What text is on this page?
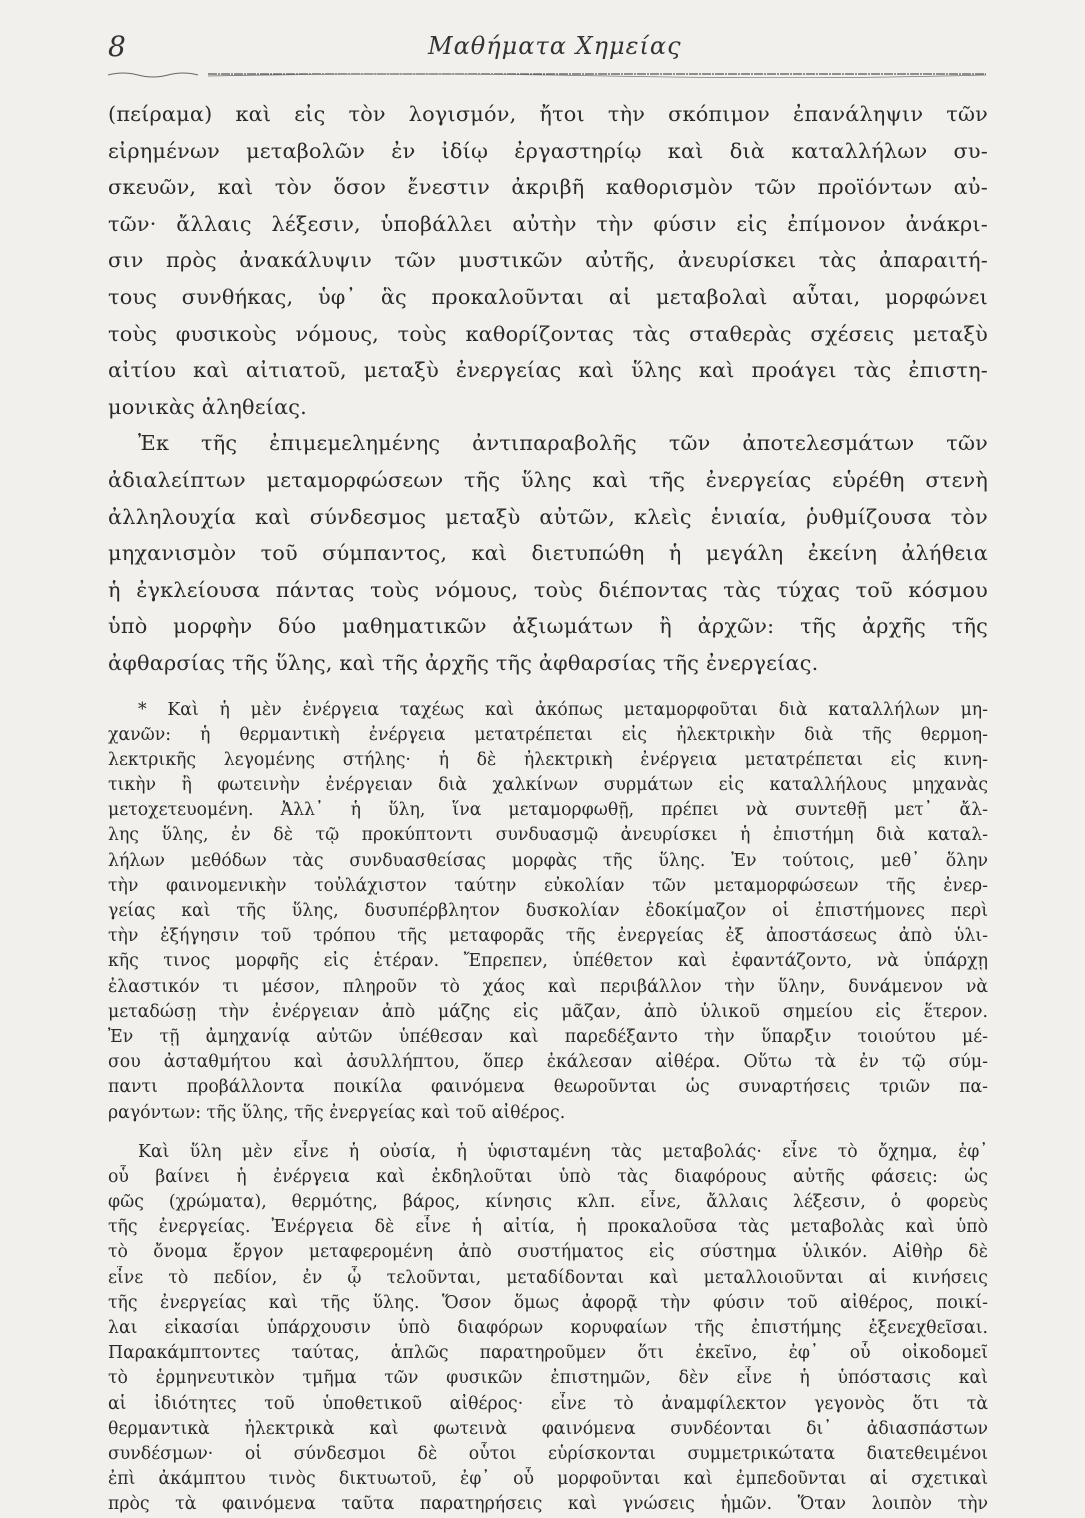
8	Μαθήματα Χημείας
(πείραμα) καὶ εἰς τὸν λογισμόν, ἤτοι τὴν σκόπιμον ἐπανάληψιν τῶν
εἰρημένων μεταβολῶν ἐν ἰδίῳ ἐργαστηρίῳ καὶ διὰ καταλλήλων συ-
σκευῶν, καὶ τὸν ὅσον ἔνεστιν ἀκριβῆ καθορισμὸν τῶν προϊόντων αὐ-
τῶν· ἄλλαις λέξεσιν, ὑποβάλλει αὐτὴν τὴν φύσιν εἰς ἐπίμονον ἀνάκρι-
σιν πρὸς ἀνακάλυψιν τῶν μυστικῶν αὐτῆς, ἀνευρίσκει τὰς ἀπαραιτή-
τους συνθήκας, ὑφ᾽ ἃς προκαλοῦνται αἱ μεταβολαὶ αὗται, μορφώνει
τοὺς φυσικοὺς νόμους, τοὺς καθορίζοντας τὰς σταθερὰς σχέσεις μεταξὺ
αἰτίου καὶ αἰτιατοῦ, μεταξὺ ἐνεργείας καὶ ὕλης καὶ προάγει τὰς ἐπιστη-
μονικὰς ἀληθείας.
Ἐκ τῆς ἐπιμεμελημένης ἀντιπαραβολῆς τῶν ἀποτελεσμάτων τῶν
ἀδιαλείπτων μεταμορφώσεων τῆς ὕλης καὶ τῆς ἐνεργείας εὑρέθη στενὴ
ἀλληλουχία καὶ σύνδεσμος μεταξὺ αὐτῶν, κλεὶς ἑνιαία, ῥυθμίζουσα τὸν
μηχανισμὸν τοῦ σύμπαντος, καὶ διετυπώθη ἡ μεγάλη ἐκείνη ἀλήθεια
ἡ ἐγκλείουσα πάντας τοὺς νόμους, τοὺς διέποντας τὰς τύχας τοῦ κόσμου
ὑπὸ μορφὴν δύο μαθηματικῶν ἀξιωμάτων ἢ ἀρχῶν: τῆς ἀρχῆς τῆς
ἀφθαρσίας τῆς ὕλης, καὶ τῆς ἀρχῆς τῆς ἀφθαρσίας τῆς ἐνεργείας.
* Καὶ ἡ μὲν ἐνέργεια ταχέως καὶ ἀκόπως μεταμορφοῦται διὰ καταλλήλων μη-
χανῶν: ἡ θερμαντικὴ ἐνέργεια μετατρέπεται εἰς ἠλεκτρικὴν διὰ τῆς θερμοη-
λεκτρικῆς λεγομένης στήλης· ἡ δὲ ἠλεκτρικὴ ἐνέργεια μετατρέπεται εἰς κινη-
τικὴν ἢ φωτεινὴν ἐνέργειαν διὰ χαλκίνων συρμάτων εἰς καταλλήλους μηχανὰς
μετοχετευομένη. Ἀλλ᾽ ἡ ὕλη, ἵνα μεταμορφωθῇ, πρέπει νὰ συντεθῇ μετ᾽ ἄλ-
λης ὕλης, ἐν δὲ τῷ προκύπτοντι συνδυασμῷ ἀνευρίσκει ἡ ἐπιστήμη διὰ καταλ-
λήλων μεθόδων τὰς συνδυασθείσας μορφὰς τῆς ὕλης. Ἐν τούτοις, μεθ᾽ ὅλην
τὴν φαινομενικὴν τοὐλάχιστον ταύτην εὐκολίαν τῶν μεταμορφώσεων τῆς ἐνερ-
γείας καὶ τῆς ὕλης, δυσυπέρβλητον δυσκολίαν ἐδοκίμαζον οἱ ἐπιστήμονες περὶ
τὴν ἐξήγησιν τοῦ τρόπου τῆς μεταφορᾶς τῆς ἐνεργείας ἐξ ἀποστάσεως ἀπὸ ὑλι-
κῆς τινος μορφῆς εἰς ἑτέραν. Ἔπρεπεν, ὑπέθετον καὶ ἐφαντάζοντο, νὰ ὑπάρχῃ
ἐλαστικόν τι μέσον, πληροῦν τὸ χάος καὶ περιβάλλον τὴν ὕλην, δυνάμενον νὰ
μεταδώσῃ τὴν ἐνέργειαν ἀπὸ μάζης εἰς μᾶζαν, ἀπὸ ὑλικοῦ σημείου εἰς ἕτερον.
Ἐν τῇ ἀμηχανίᾳ αὐτῶν ὑπέθεσαν καὶ παρεδέξαντο τὴν ὕπαρξιν τοιούτου μέ-
σου ἀσταθμήτου καὶ ἀσυλλήπτου, ὅπερ ἐκάλεσαν αἰθέρα. Οὕτω τὰ ἐν τῷ σύμ-
παντι προβάλλοντα ποικίλα φαινόμενα θεωροῦνται ὡς συναρτήσεις τριῶν πα-
ραγόντων: τῆς ὕλης, τῆς ἐνεργείας καὶ τοῦ αἰθέρος.
Καὶ ὕλη μὲν εἶνε ἡ οὐσία, ἡ ὑφισταμένη τὰς μεταβολάς· εἶνε τὸ ὄχημα, ἐφ᾽
οὗ βαίνει ἡ ἐνέργεια καὶ ἐκδηλοῦται ὑπὸ τὰς διαφόρους αὐτῆς φάσεις: ὡς
φῶς (χρώματα), θερμότης, βάρος, κίνησις κλπ. εἶνε, ἄλλαις λέξεσιν, ὁ φορεὺς
τῆς ἐνεργείας. Ἐνέργεια δὲ εἶνε ἡ αἰτία, ἡ προκαλοῦσα τὰς μεταβολὰς καὶ ὑπὸ
τὸ ὄνομα ἔργον μεταφερομένη ἀπὸ συστήματος εἰς σύστημα ὑλικόν. Αἰθὴρ δὲ
εἶνε τὸ πεδίον, ἐν ᾧ τελοῦνται, μεταδίδονται καὶ μεταλλοιοῦνται αἱ κινήσεις
τῆς ἐνεργείας καὶ τῆς ὕλης. Ὅσον ὅμως ἀφορᾷ τὴν φύσιν τοῦ αἰθέρος, ποικί-
λαι εἰκασίαι ὑπάρχουσιν ὑπὸ διαφόρων κορυφαίων τῆς ἐπιστήμης ἐξενεχθεῖσαι.
Παρακάμπτοντες ταύτας, ἁπλῶς παρατηροῦμεν ὅτι ἐκεῖνο, ἐφ᾽ οὗ οἰκοδομεῖ
τὸ ἑρμηνευτικὸν τμῆμα τῶν φυσικῶν ἐπιστημῶν, δὲν εἶνε ἡ ὑπόστασις καὶ
αἱ ἰδιότητες τοῦ ὑποθετικοῦ αἰθέρος· εἶνε τὸ ἀναμφίλεκτον γεγονὸς ὅτι τὰ
θερμαντικὰ ἠλεκτρικὰ καὶ φωτεινὰ φαινόμενα συνδέονται δι᾽ ἀδιασπάστων
συνδέσμων· οἱ σύνδεσμοι δὲ οὗτοι εὑρίσκονται συμμετρικώτατα διατεθειμένοι
ἐπὶ ἀκάμπτου τινὸς δικτυωτοῦ, ἐφ᾽ οὗ μορφοῦνται καὶ ἐμπεδοῦνται αἱ σχετικαὶ
πρὸς τὰ φαινόμενα ταῦτα παρατηρήσεις καὶ γνώσεις ἡμῶν. Ὅταν λοιπὸν τὴν
